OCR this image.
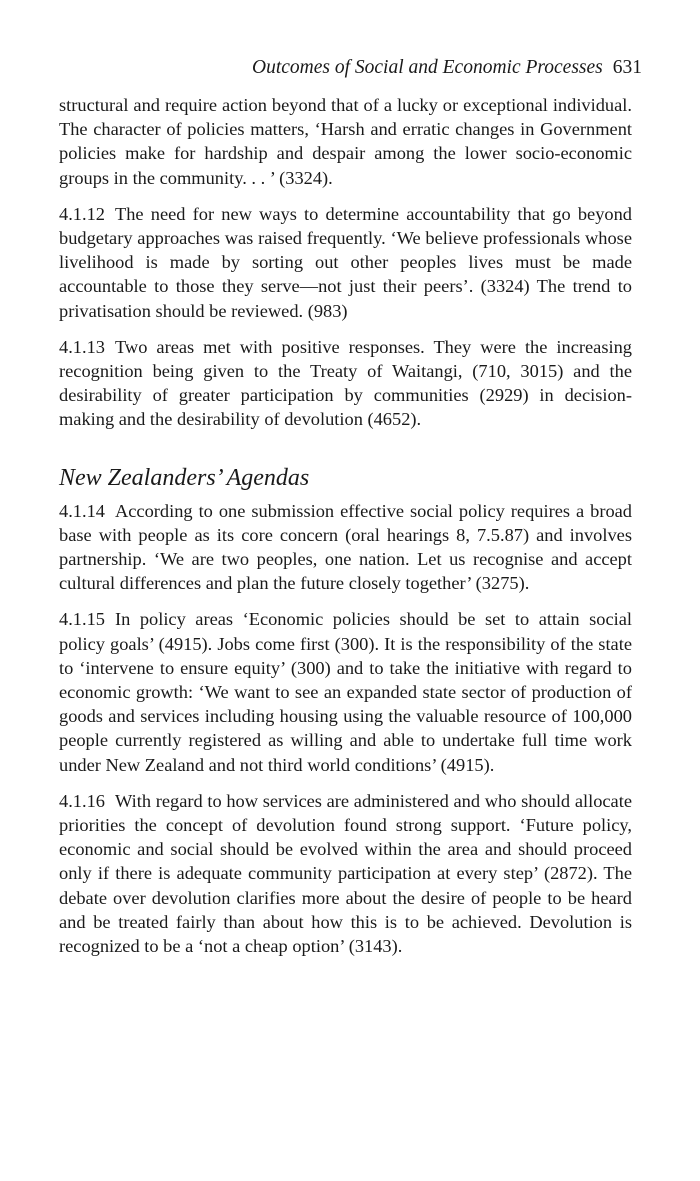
Outcomes of Social and Economic Processes 631

structural and require action beyond that of a lucky or exceptional individual. The character of policies matters, ‘Harsh and erratic changes in Government policies make for hardship and despair among the lower socio-economic groups in the community. . . ’ (3324).

4.1.12 The need for new ways to determine accountability that go beyond budgetary approaches was raised frequently. ‘We believe professionals whose livelihood is made by sorting out other peoples lives must be made accountable to those they serve—not just their peers’. (3324) The trend to privatisation should be reviewed. (983)

4.1.13 Two areas met with positive responses. They were the increasing recognition being given to the Treaty of Waitangi, (710, 3015) and the desirability of greater participation by communities (2929) in decision-making and the desirability of devolution (4652).

New Zealanders’ Agendas

4.1.14 According to one submission effective social policy requires a broad base with people as its core concern (oral hearings 8, 7.5.87) and involves partnership. ‘We are two peoples, one nation. Let us recognise and accept cultural differences and plan the future closely together’ (3275).

4.1.15 In policy areas ‘Economic policies should be set to attain social policy goals’ (4915). Jobs come first (300). It is the responsibility of the state to ‘intervene to ensure equity’ (300) and to take the initiative with regard to economic growth: ‘We want to see an expanded state sector of production of goods and services including housing using the valuable resource of 100,000 people currently registered as willing and able to undertake full time work under New Zealand and not third world conditions’ (4915).

4.1.16 With regard to how services are administered and who should allocate priorities the concept of devolution found strong support. ‘Future policy, economic and social should be evolved within the area and should proceed only if there is adequate community participation at every step’ (2872). The debate over devolution clarifies more about the desire of people to be heard and be treated fairly than about how this is to be achieved. Devolution is recognized to be a ‘not a cheap option’ (3143).
